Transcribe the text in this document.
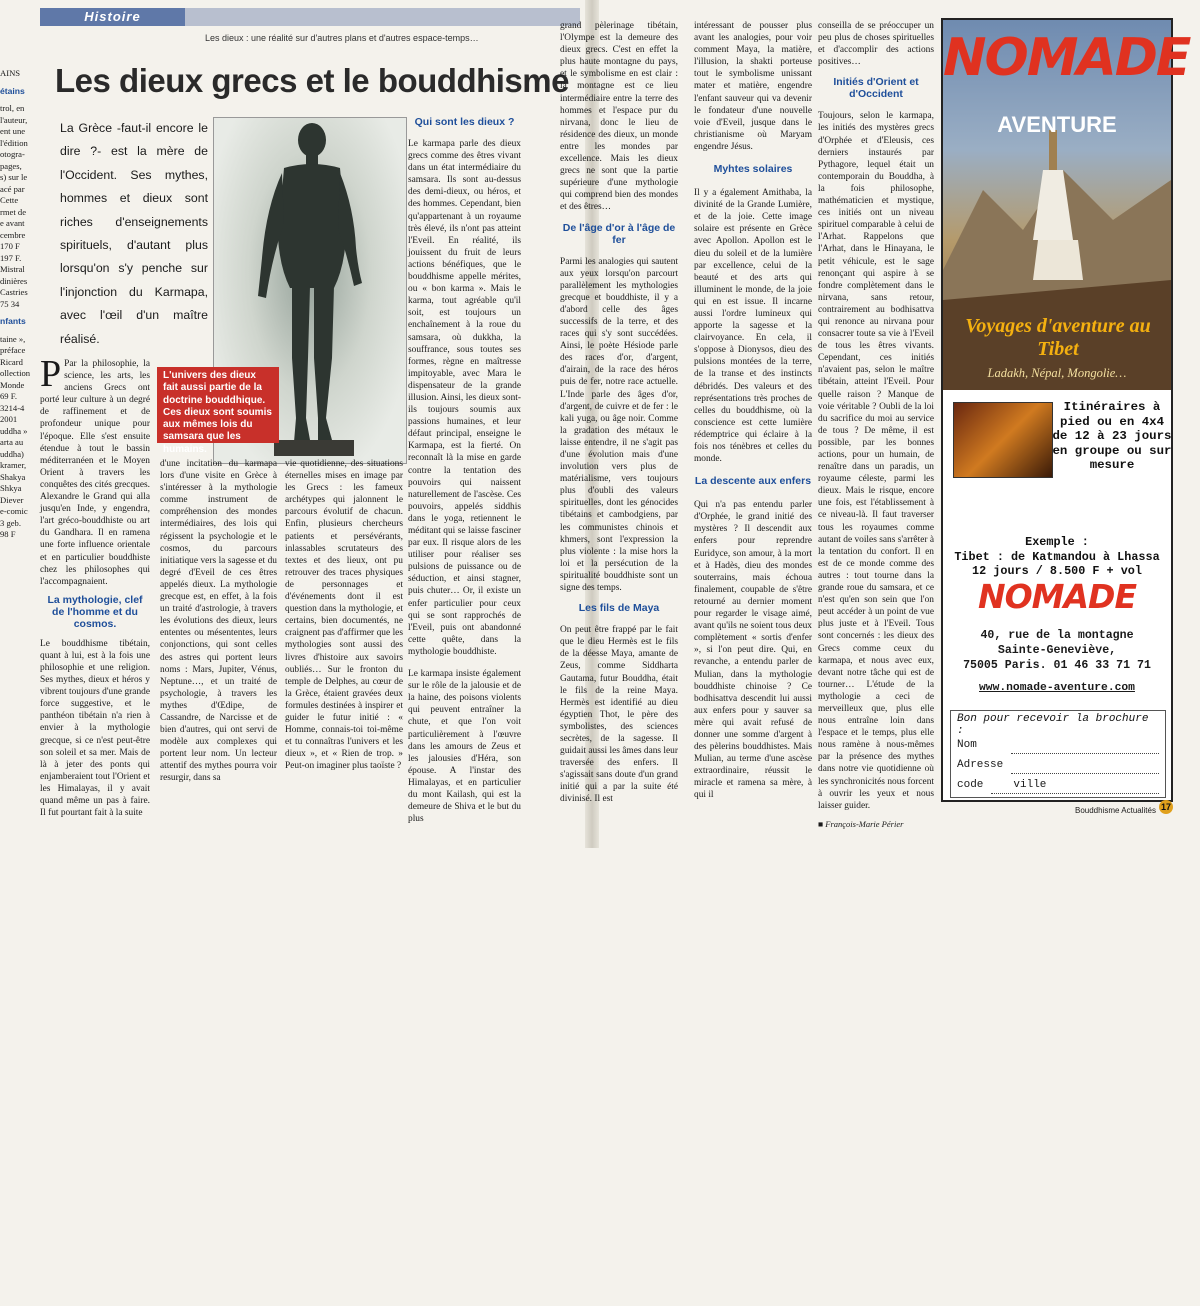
AINS
étains
trol, en
l'auteur,
ent une
l'édition
otogra-
pages,
s) sur le
acé par
Cette
rmet de
e avant
cembre
170 F
197 F.
Mistral
dinières
Castries
75 34
nfants
taine »,
préface
Ricard
ollection
Monde
69 F.
3214-4
2001
uddha »
arta au
uddha)
kramer,
Shakya
Shkya
Diever
e-comic
3 geb.
98 F
Histoire
Les dieux : une réalité sur d'autres plans et d'autres espace-temps…
Les dieux grecs et le bouddhisme
La Grèce -faut-il encore le dire ?- est la mère de l'Occident. Ses mythes, hommes et dieux sont riches d'enseignements spirituels, d'autant plus lorsqu'on s'y penche sur l'injonction du Karmapa, avec l'œil d'un maître réalisé.
L'univers des dieux fait aussi partie de la doctrine bouddhique. Ces dieux sont soumis aux mêmes lois du samsara que les humains.

P Par la philosophie, la science, les arts, les anciens Grecs ont porté leur culture à un degré de raffinement et de profondeur unique pour l'époque. Elle s'est ensuite étendue à tout le bassin méditerranéen et le Moyen Orient à travers les conquêtes des cités grecques. Alexandre le Grand qui alla jusqu'en Inde, y engendra, l'art gréco-bouddhiste ou art du Gandhara. Il en ramena une forte influence orientale et en particulier bouddhiste chez les philosophes qui l'accompagnaient.

La mythologie, clef de l'homme et du cosmos.

Le bouddhisme tibétain, quant à lui, est à la fois une philosophie et une religion. Ses mythes, dieux et héros y vibrent toujours d'une grande force suggestive, et le panthéon tibétain n'a rien à envier à la mythologie grecque, si ce n'est peut-être son soleil et sa mer. Mais de là à jeter des ponts qui enjamberaient tout l'Orient et les Himalayas, il y avait quand même un pas à faire. Il fut pourtant fait à la suite

d'une incitation du karmapa lors d'une visite en Grèce à s'intéresser à la mythologie comme instrument de compréhension des mondes intermédiaires, des lois qui régissent la psychologie et le cosmos, du parcours initiatique vers la sagesse et du degré d'Eveil de ces êtres appelés dieux. La mythologie grecque est, en effet, à la fois un traité d'astrologie, à travers les évolutions des dieux, leurs ententes ou mésententes, leurs conjonctions, qui sont celles des astres qui portent leurs noms : Mars, Jupiter, Vénus, Neptune…, et un traité de psychologie, à travers les mythes d'Œdipe, de Cassandre, de Narcisse et de bien d'autres, qui ont servi de modèle aux complexes qui portent leur nom. Un lecteur attentif des mythes pourra voir resurgir, dans sa

vie quotidienne, des situations éternelles mises en image par les Grecs : les fameux archétypes qui jalonnent le parcours évolutif de chacun. Enfin, plusieurs chercheurs patients et persévérants, inlassables scrutateurs des textes et des lieux, ont pu retrouver des traces physiques de personnages et d'événements dont il est question dans la mythologie, et certains, bien documentés, ne craignent pas d'affirmer que les mythologies sont aussi des livres d'histoire aux savoirs oubliés… Sur le fronton du temple de Delphes, au cœur de la Grèce, étaient gravées deux formules destinées à inspirer et guider le futur initié : « Homme, connais-toi toi-même et tu connaîtras l'univers et les dieux », et « Rien de trop. » Peut-on imaginer plus taoïste ?

Qui sont les dieux ?

Le karmapa parle des dieux grecs comme des êtres vivant dans un état intermédiaire du samsara. Ils sont au-dessus des demi-dieux, ou héros, et des hommes. Cependant, bien qu'appartenant à un royaume très élevé, ils n'ont pas atteint l'Eveil. En réalité, ils jouissent du fruit de leurs actions bénéfiques, que le bouddhisme appelle mérites, ou « bon karma ». Mais le karma, tout agréable qu'il soit, est toujours un enchaînement à la roue du samsara, où dukkha, la souffrance, sous toutes ses formes, règne en maîtresse impitoyable, avec Mara le dispensateur de la grande illusion. Ainsi, les dieux sont-ils toujours soumis aux passions humaines, et leur défaut principal, enseigne le Karmapa, est la fierté. On reconnaît là la mise en garde contre la tentation des pouvoirs qui naissent naturellement de l'ascèse. Ces pouvoirs, appelés siddhis dans le yoga, retiennent le méditant qui se laisse fasciner par eux. Il risque alors de les utiliser pour réaliser ses pulsions de puissance ou de séduction, et ainsi stagner, puis chuter… Or, il existe un enfer particulier pour ceux qui se sont rapprochés de l'Eveil, puis ont abandonné cette quête, dans la mythologie bouddhiste.

Le karmapa insiste également sur le rôle de la jalousie et de la haine, des poisons violents qui peuvent entraîner la chute, et que l'on voit particulièrement à l'œuvre dans les amours de Zeus et les jalousies d'Héra, son épouse. A l'instar des Himalayas, et en particulier du mont Kailash, qui est la demeure de Shiva et le but du plus

grand pèlerinage tibétain, l'Olympe est la demeure des dieux grecs. C'est en effet la plus haute montagne du pays, et le symbolisme en est clair : la montagne est ce lieu intermédiaire entre la terre des hommes et l'espace pur du nirvana, donc le lieu de résidence des dieux, un monde entre les mondes par excellence. Mais les dieux grecs ne sont que la partie supérieure d'une mythologie qui comprend bien des mondes et des êtres…

De l'âge d'or à l'âge de fer

Parmi les analogies qui sautent aux yeux lorsqu'on parcourt parallèlement les mythologies grecque et bouddhiste, il y a d'abord celle des âges successifs de la terre, et des races qui s'y sont succédées. Ainsi, le poète Hésiode parle des races d'or, d'argent, d'airain, de la race des héros puis de fer, notre race actuelle. L'Inde parle des âges d'or, d'argent, de cuivre et de fer : le kali yuga, ou âge noir. Comme la gradation des métaux le laisse entendre, il ne s'agit pas d'une évolution mais d'une involution vers plus de matérialisme, vers toujours plus d'oubli des valeurs spirituelles, dont les génocides tibétains et cambodgiens, par les communistes chinois et khmers, sont l'expression la plus violente : la mise hors la loi et la persécution de la spiritualité bouddhiste sont un signe des temps.

Les fils de Maya

On peut être frappé par le fait que le dieu Hermès est le fils de la déesse Maya, amante de Zeus, comme Siddharta Gautama, futur Bouddha, était le fils de la reine Maya. Hermès est identifié au dieu égyptien Thot, le père des symbolistes, des sciences secrètes, de la sagesse. Il guidait aussi les âmes dans leur traversée des enfers. Il s'agissait sans doute d'un grand initié qui a par la suite été divinisé. Il est

intéressant de pousser plus avant les analogies, pour voir comment Maya, la matière, l'illusion, la shakti porteuse tout le symbolisme unissant mater et matière, engendre l'enfant sauveur qui va devenir le fondateur d'une nouvelle voie d'Eveil, jusque dans le christianisme où Maryam engendre Jésus.

Myhtes solaires

Il y a également Amithaba, la divinité de la Grande Lumière, et de la joie. Cette image solaire est présente en Grèce avec Apollon. Apollon est le dieu du soleil et de la lumière par excellence, celui de la beauté et des arts qui illuminent le monde, de la joie qui en est issue. Il incarne aussi l'ordre lumineux qui apporte la sagesse et la clairvoyance. En cela, il s'oppose à Dionysos, dieu des pulsions montées de la terre, de la transe et des instincts débridés. Des valeurs et des représentations très proches de celles du bouddhisme, où la conscience est cette lumière rédemptrice qui éclaire à la fois nos ténèbres et celles du monde.

La descente aux enfers

Qui n'a pas entendu parler d'Orphée, le grand initié des mystères ? Il descendit aux enfers pour reprendre Euridyce, son amour, à la mort et à Hadès, dieu des mondes souterrains, mais échoua finalement, coupable de s'être retourné au dernier moment pour regarder le visage aimé, avant qu'ils ne soient tous deux complètement « sortis d'enfer », si l'on peut dire. Qui, en revanche, a entendu parler de Mulian, dans la mythologie bouddhiste chinoise ? Ce bodhisattva descendit lui aussi aux enfers pour y sauver sa mère qui avait refusé de donner une somme d'argent à des pèlerins bouddhistes. Mais Mulian, au terme d'une ascèse extraordinaire, réussit le miracle et ramena sa mère, à qui il

conseilla de se préoccuper un peu plus de choses spirituelles et d'accomplir des actions positives…

Initiés d'Orient et d'Occident

Toujours, selon le karmapa, les initiés des mystères grecs d'Orphée et d'Eleusis, ces derniers instaurés par Pythagore, lequel était un contemporain du Bouddha, à la fois philosophe, mathématicien et mystique, ces initiés ont un niveau spirituel comparable à celui de l'Arhat. Rappelons que l'Arhat, dans le Hinayana, le petit véhicule, est le sage renonçant qui aspire à se fondre complètement dans le nirvana, sans retour, contrairement au bodhisattva qui renonce au nirvana pour consacrer toute sa vie à l'Eveil de tous les êtres vivants. Cependant, ces initiés n'avaient pas, selon le maître tibétain, atteint l'Eveil. Pour quelle raison ? Manque de voie véritable ? Oubli de la loi du sacrifice du moi au service de tous ? De même, il est possible, par les bonnes actions, pour un humain, de renaître dans un paradis, un royaume céleste, parmi les dieux. Mais le risque, encore une fois, est l'établissement à ce niveau-là. Il faut traverser tous les royaumes comme autant de voiles sans s'arrêter à la tentation du confort. Il en est de ce monde comme des autres : tout tourne dans la grande roue du samsara, et ce n'est qu'en son sein que l'on peut accéder à un point de vue plus juste et à l'Eveil. Tous sont concernés : les dieux des Grecs comme ceux du karmapa, et nous avec eux, devant notre tâche qui est de tourner… L'étude de la mythologie a ceci de merveilleux que, plus elle nous entraîne loin dans l'espace et le temps, plus elle nous ramène à nous-mêmes par la présence des mythes dans notre vie quotidienne où les synchronicités nous forcent à ouvrir les yeux et nous laisser guider.

■ François-Marie Périer

NOMADE
AVENTURE
Voyages d'aventure au Tibet
Ladakh, Népal, Mongolie…
Itinéraires à pied ou en 4x4 de 12 à 23 jours en groupe ou sur mesure
Exemple :
Tibet : de Katmandou à Lhassa
12 jours / 8.500 F + vol
NOMADE
40, rue de la montagne
Sainte-Geneviève,
75005 Paris. 01 46 33 71 71
www.nomade-aventure.com
Bon pour recevoir la brochure :
Nom
Adresse
code	ville
Bouddhisme Actualités 17
